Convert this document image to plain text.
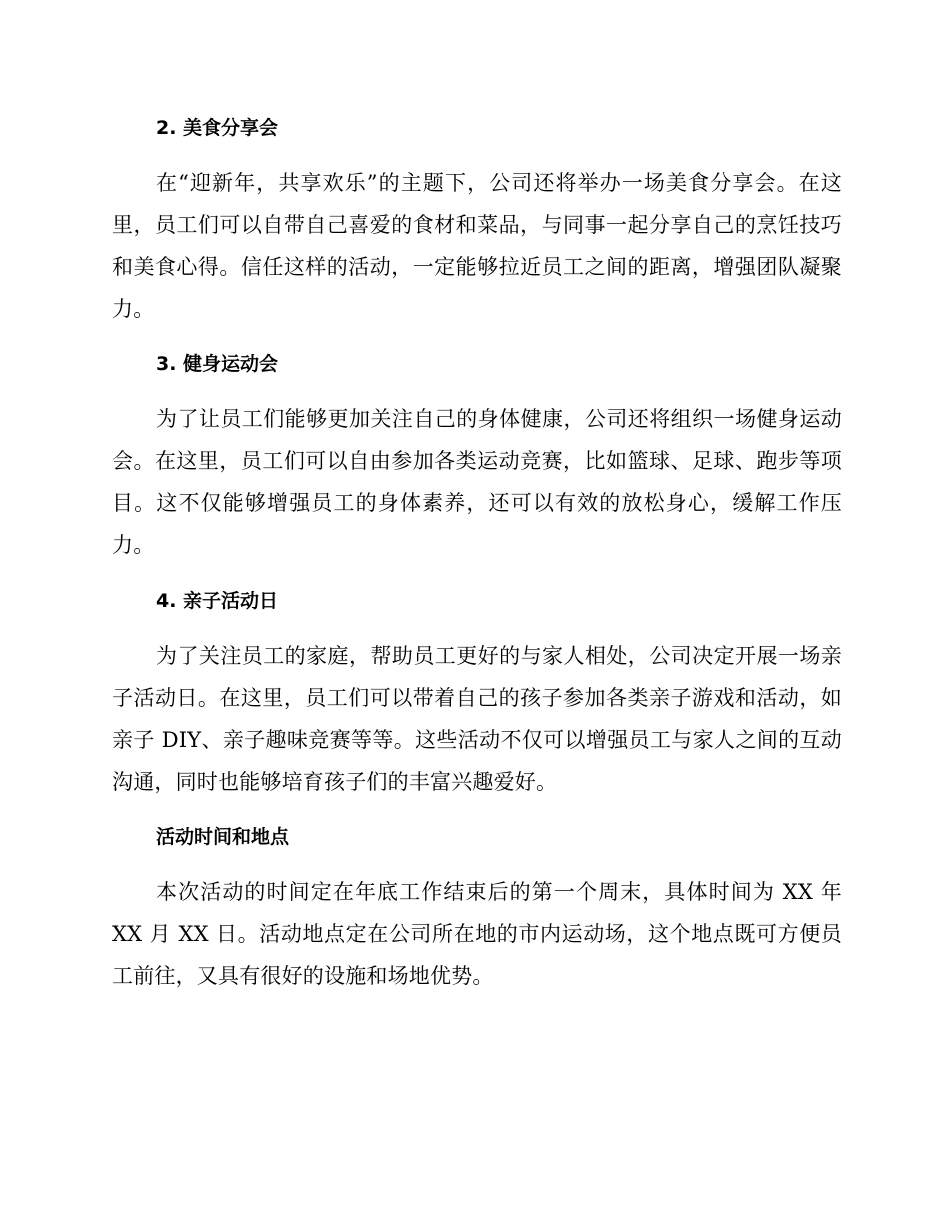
2. 美食分享会

在“迎新年，共享欢乐”的主题下，公司还将举办一场美食分享会。在这里，员工们可以自带自己喜爱的食材和菜品，与同事一起分享自己的烹饪技巧和美食心得。信任这样的活动，一定能够拉近员工之间的距离，增强团队凝聚力。

3. 健身运动会

为了让员工们能够更加关注自己的身体健康，公司还将组织一场健身运动会。在这里，员工们可以自由参加各类运动竞赛，比如篮球、足球、跑步等项目。这不仅能够增强员工的身体素养，还可以有效的放松身心，缓解工作压力。

4. 亲子活动日

为了关注员工的家庭，帮助员工更好的与家人相处，公司决定开展一场亲子活动日。在这里，员工们可以带着自己的孩子参加各类亲子游戏和活动，如亲子 DIY、亲子趣味竞赛等等。这些活动不仅可以增强员工与家人之间的互动沟通，同时也能够培育孩子们的丰富兴趣爱好。

活动时间和地点

本次活动的时间定在年底工作结束后的第一个周末，具体时间为 XX 年 XX 月 XX 日。活动地点定在公司所在地的市内运动场，这个地点既可方便员工前往，又具有很好的设施和场地优势。
